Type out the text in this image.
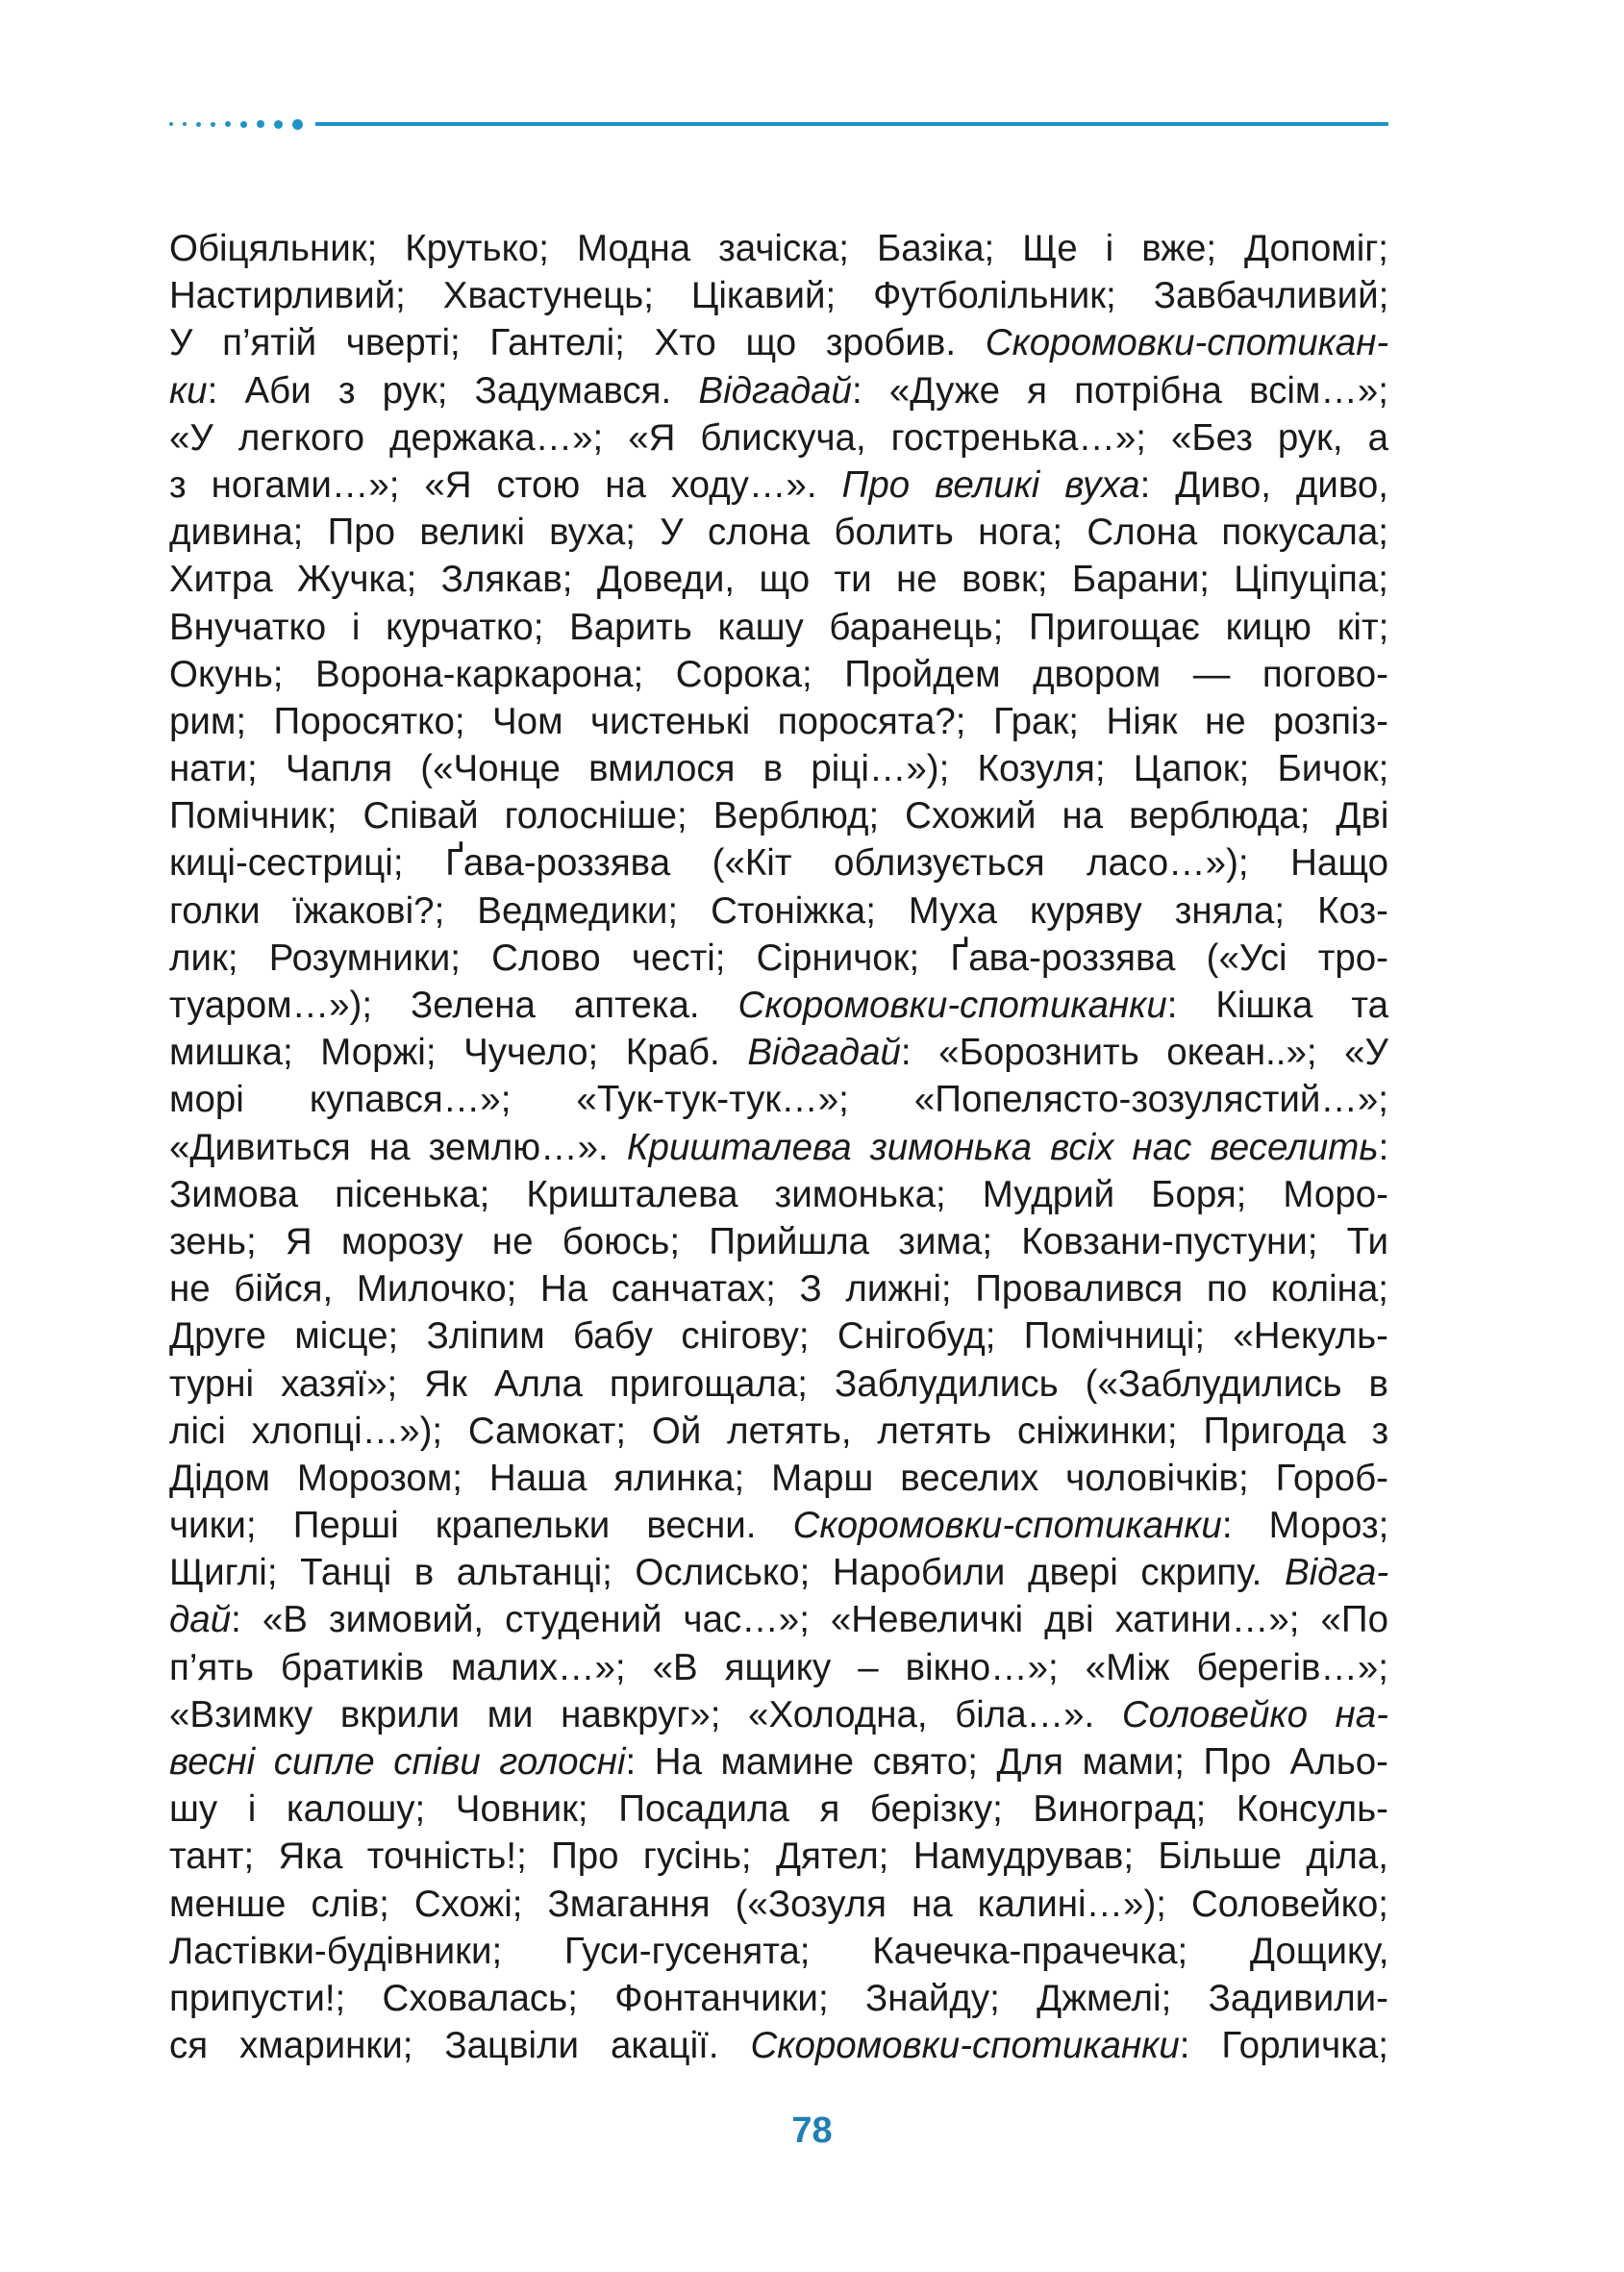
Обіцяльник; Крутько; Модна зачіска; Базіка; Ще і вже; Допоміг;
Настирливий; Хвастунець; Цікавий; Футболільник; Завбачливий;
У п’ятій чверті; Гантелі; Хто що зробив. Скоромовки-спотикан-
ки: Аби з рук; Задумався. Відгадай: «Дуже я потрібна всім…»;
«У легкого держака…»; «Я блискуча, гостренька…»; «Без рук, а
з ногами…»; «Я стою на ходу…». Про великі вуха: Диво, диво,
дивина; Про великі вуха; У слона болить нога; Слона покусала;
Хитра Жучка; Злякав; Доведи, що ти не вовк; Барани; Ціпуціпа;
Внучатко і курчатко; Варить кашу баранець; Пригощає кицю кіт;
Окунь; Ворона-каркарона; Сорока; Пройдем двором — погово-
рим; Поросятко; Чом чистенькі поросята?; Грак; Ніяк не розпіз-
нати; Чапля («Чонце вмилося в ріці…»); Козуля; Цапок; Бичок;
Помічник; Співай голосніше; Верблюд; Схожий на верблюда; Дві
киці-сестриці; Ґава-роззява («Кіт облизується ласо…»); Нащо
голки їжакові?; Ведмедики; Стоніжка; Муха куряву зняла; Коз-
лик; Розумники; Слово честі; Сірничок; Ґава-роззява («Усі тро-
туаром…»); Зелена аптека. Скоромовки-спотиканки: Кішка та
мишка; Моржі; Чучело; Краб. Відгадай: «Борознить океан..»; «У
морі купався…»; «Тук-тук-тук…»; «Попелясто-зозулястий…»;
«Дивиться на землю…». Кришталева зимонька всіх нас веселить:
Зимова пісенька; Кришталева зимонька; Мудрий Боря; Моро-
зень; Я морозу не боюсь; Прийшла зима; Ковзани-пустуни; Ти
не бійся, Милочко; На санчатах; З лижні; Провалився по коліна;
Друге місце; Зліпим бабу снігову; Снігобуд; Помічниці; «Некуль-
турні хазяї»; Як Алла пригощала; Заблудились («Заблудились в
лісі хлопці…»); Самокат; Ой летять, летять сніжинки; Пригода з
Дідом Морозом; Наша ялинка; Марш веселих чоловічків; Гороб-
чики; Перші крапельки весни. Скоромовки-спотиканки: Мороз;
Щиглі; Танці в альтанці; Ослисько; Наробили двері скрипу. Відга-
дай: «В зимовий, студений час…»; «Невеличкі дві хатини…»; «По
п’ять братиків малих…»; «В ящику – вікно…»; «Між берегів…»;
«Взимку вкрили ми навкруг»; «Холодна, біла…». Соловейко на-
весні сипле співи голосні: На мамине свято; Для мами; Про Альо-
шу і калошу; Човник; Посадила я берізку; Виноград; Консуль-
тант; Яка точність!; Про гусінь; Дятел; Намудрував; Більше діла,
менше слів; Схожі; Змагання («Зозуля на калині…»); Соловейко;
Ластівки-будівники; Гуси-гусенята; Качечка-прачечка; Дощику,
припусти!; Сховалась; Фонтанчики; Знайду; Джмелі; Задивили-
ся хмаринки; Зацвіли акації. Скоромовки-спотиканки: Горличка;
78
